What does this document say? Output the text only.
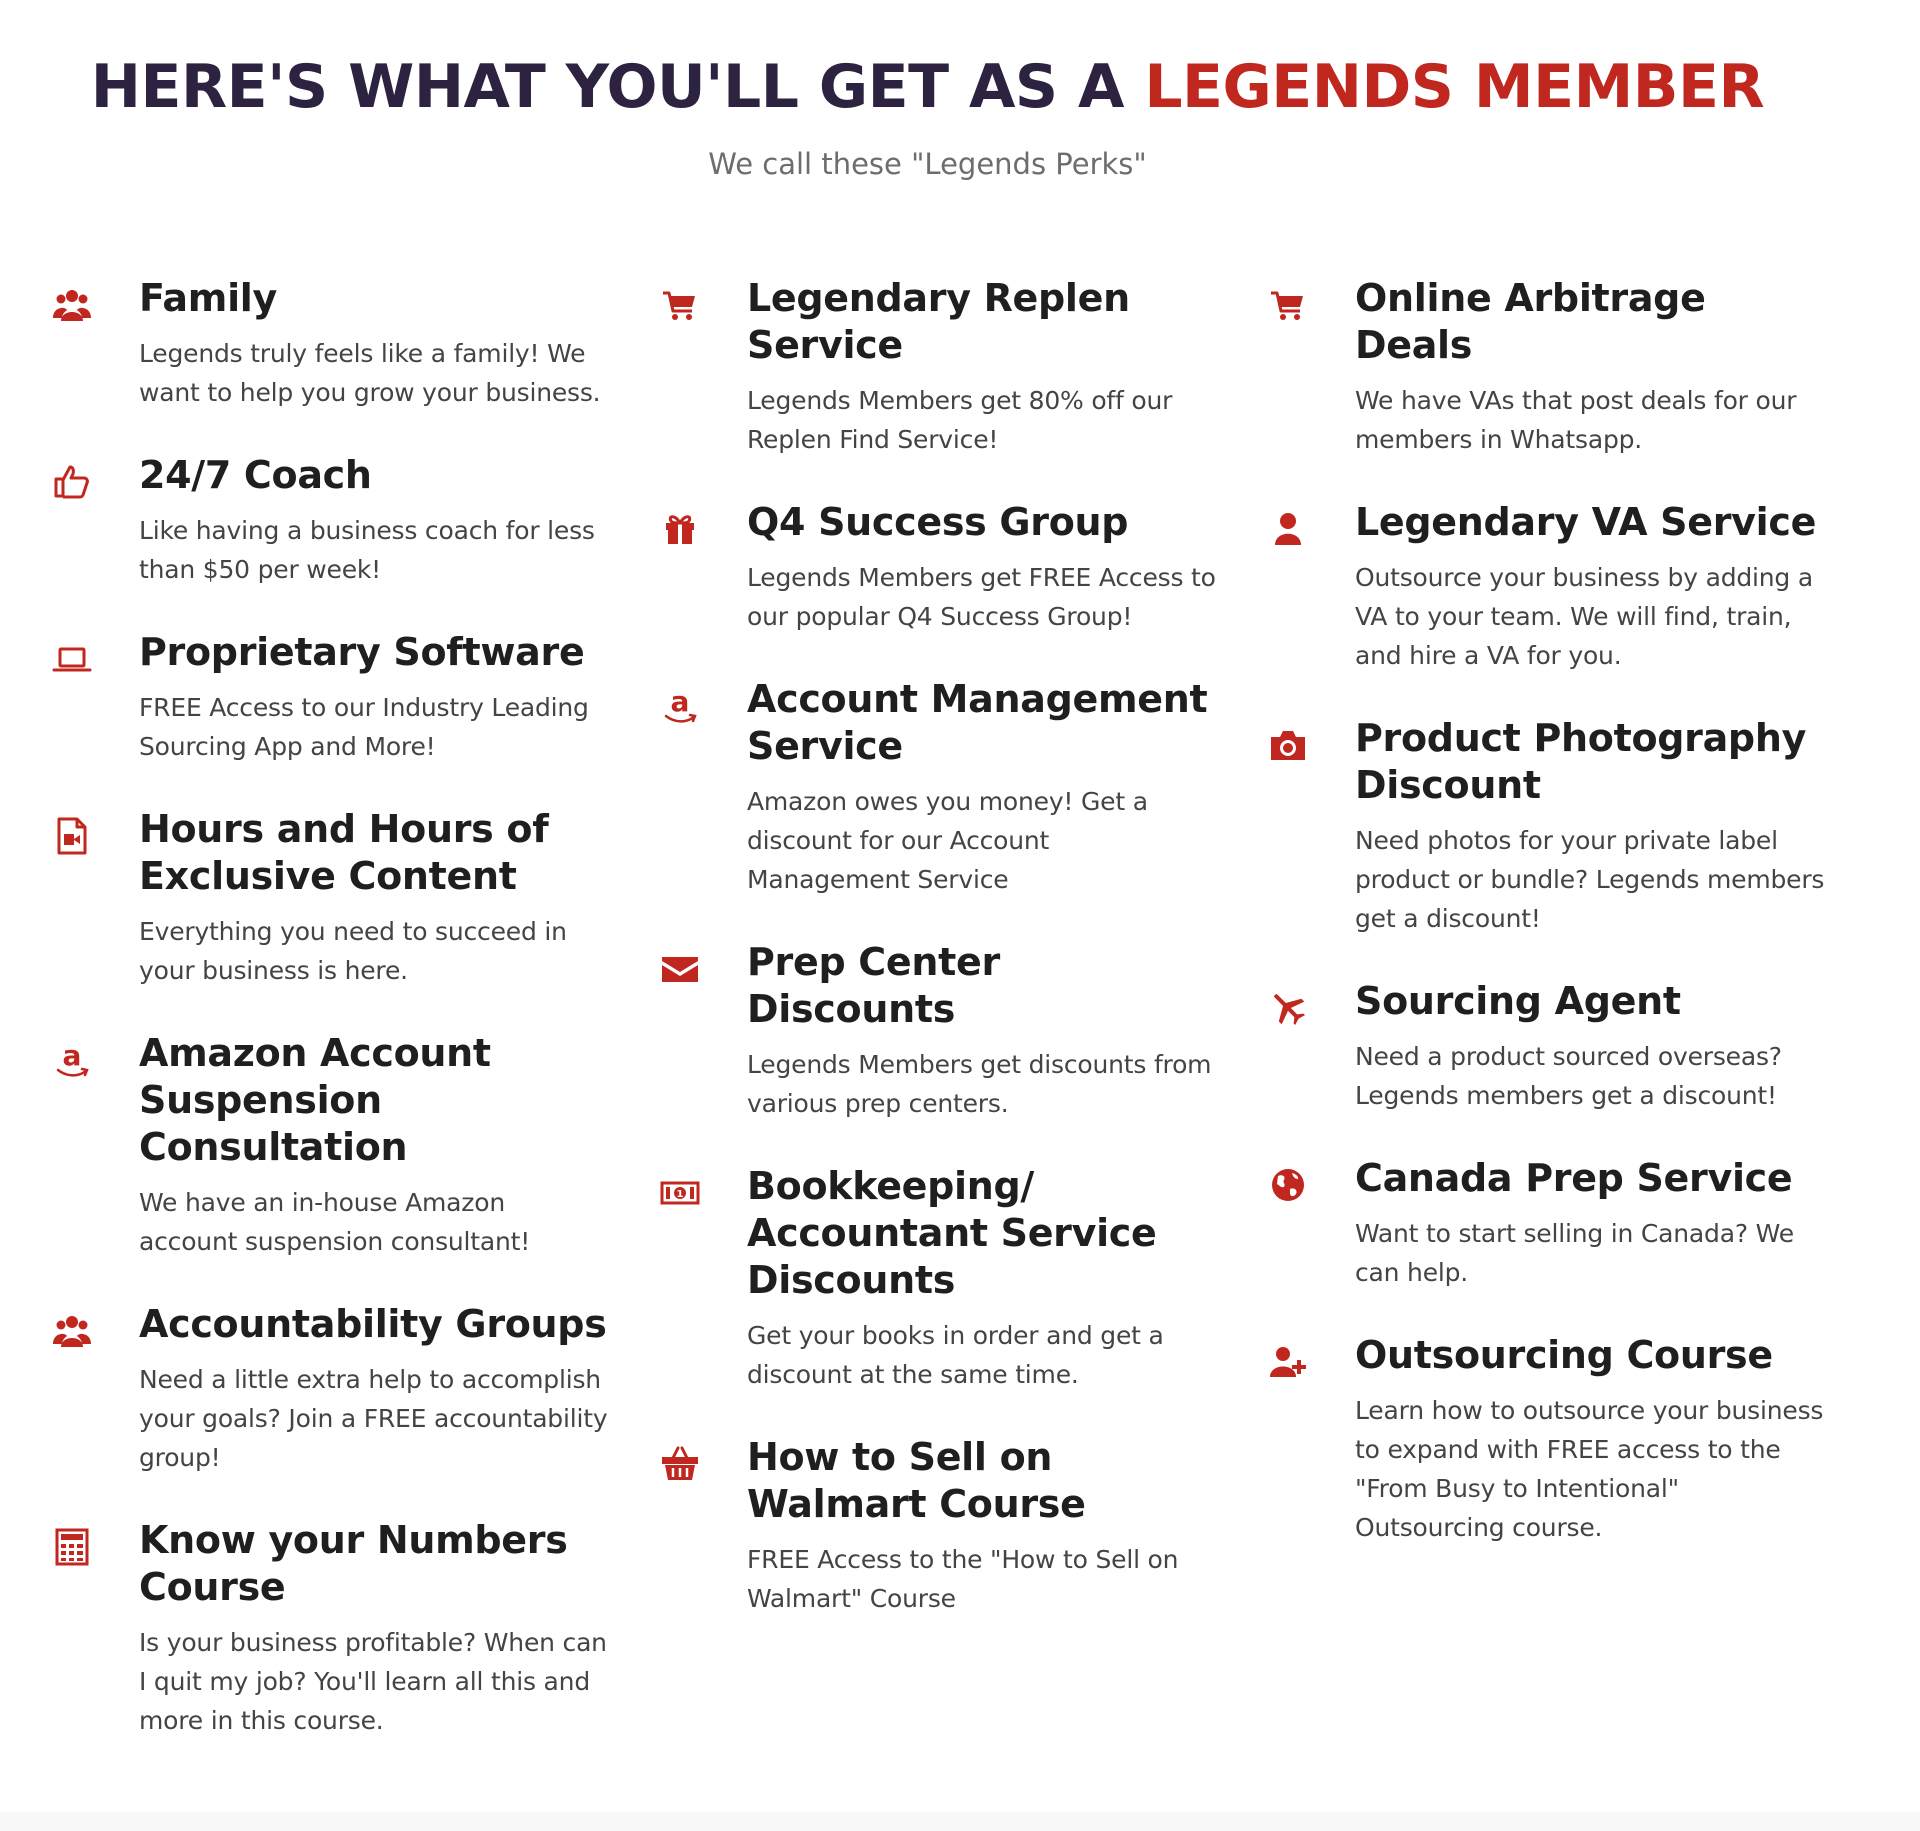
HERE'S WHAT YOU'LL GET AS A LEGENDS MEMBER
We call these "Legends Perks"
Family
Legends truly feels like a family! We want to help you grow your business.
24/7 Coach
Like having a business coach for less than $50 per week!
Proprietary Software
FREE Access to our Industry Leading Sourcing App and More!
Hours and Hours of Exclusive Content
Everything you need to succeed in your business is here.
a Amazon Account Suspension Consultation
We have an in-house Amazon account suspension consultant!
Accountability Groups
Need a little extra help to accomplish your goals? Join a FREE accountability group!
Know your Numbers Course
Is your business profitable? When can I quit my job? You'll learn all this and more in this course.
Legendary Replen Service
Legends Members get 80% off our Replen Find Service!
Q4 Success Group
Legends Members get FREE Access to our popular Q4 Success Group!
a Account Management Service
Amazon owes you money! Get a discount for our Account Management Service
Prep Center Discounts
Legends Members get discounts from various prep centers.
1 Bookkeeping/ Accountant Service Discounts
Get your books in order and get a discount at the same time.
How to Sell on Walmart Course
FREE Access to the "How to Sell on Walmart" Course
Online Arbitrage Deals
We have VAs that post deals for our members in Whatsapp.
Legendary VA Service
Outsource your business by adding a VA to your team. We will find, train, and hire a VA for you.
Product Photography Discount
Need photos for your private label product or bundle? Legends members get a discount!
Sourcing Agent
Need a product sourced overseas? Legends members get a discount!
Canada Prep Service
Want to start selling in Canada? We can help.
Outsourcing Course
Learn how to outsource your business to expand with FREE access to the "From Busy to Intentional" Outsourcing course.
